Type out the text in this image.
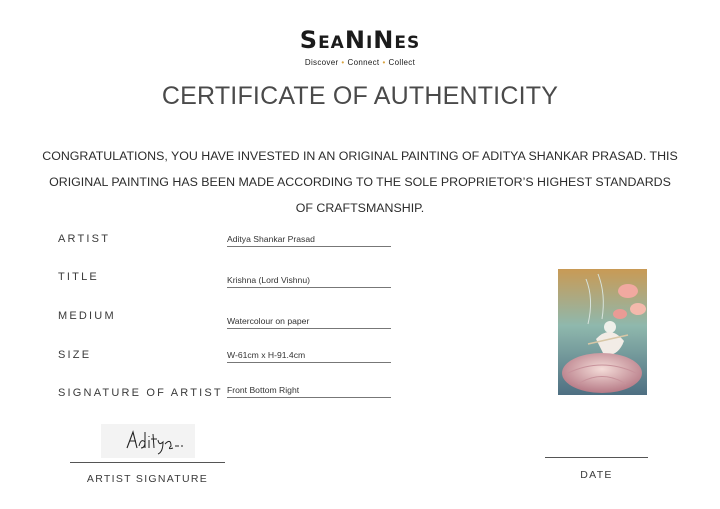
SEANINES
Discover • Connect • Collect
CERTIFICATE OF AUTHENTICITY
CONGRATULATIONS, YOU HAVE INVESTED IN AN ORIGINAL PAINTING OF ADITYA SHANKAR PRASAD. THIS ORIGINAL PAINTING HAS BEEN MADE ACCORDING TO THE SOLE PROPRIETOR’S HIGHEST STANDARDS OF CRAFTSMANSHIP.
ARTIST	Aditya Shankar Prasad
TITLE	Krishna (Lord Vishnu)
MEDIUM	Watercolour on paper
SIZE	W-61cm x H-91.4cm
SIGNATURE OF ARTIST Front Bottom Right
ARTIST SIGNATURE	DATE
